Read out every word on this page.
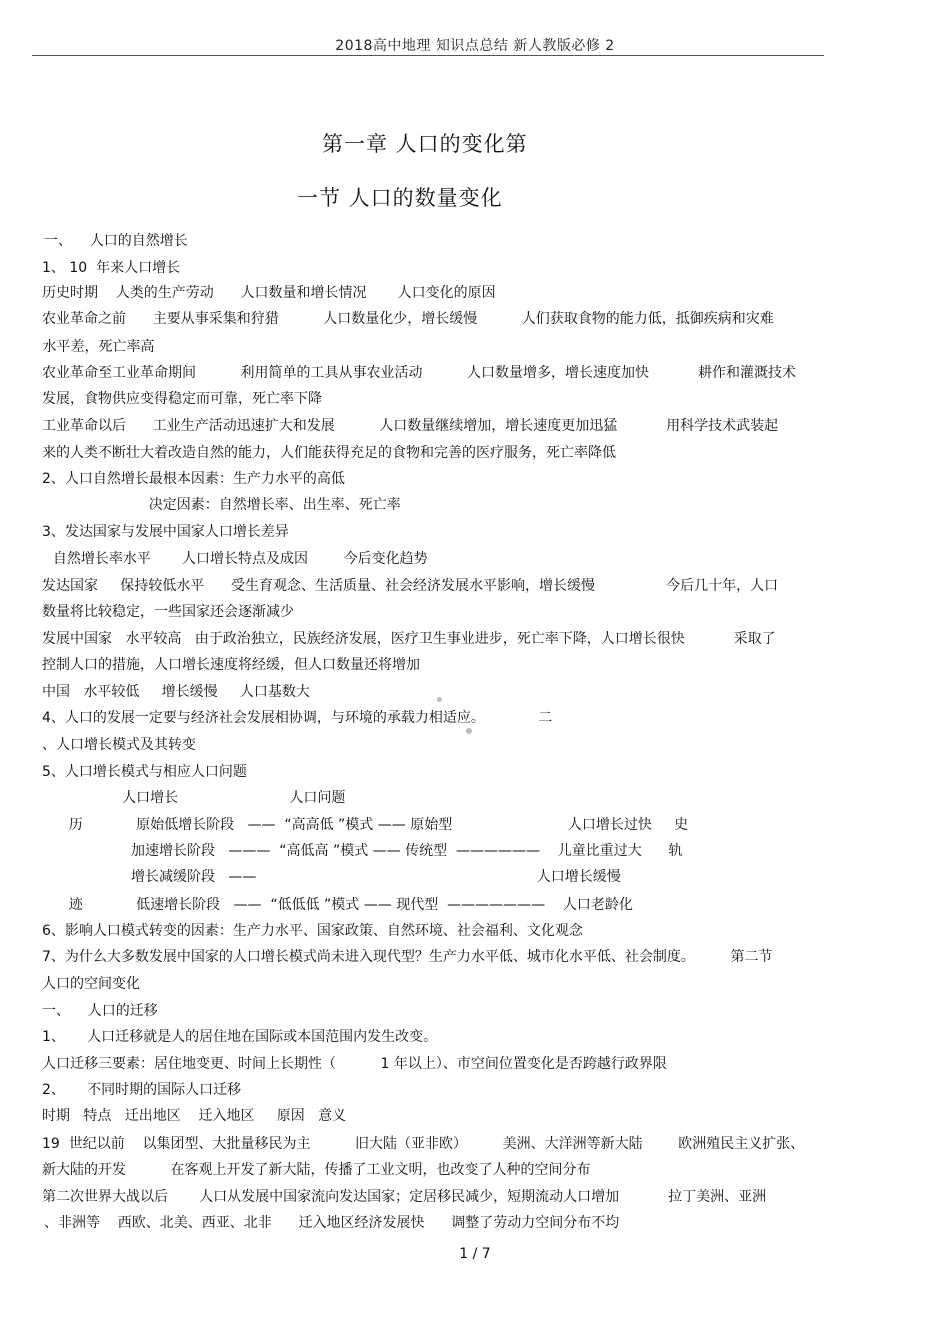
2018高中地理 知识点总结 新人教版必修 2
第一章 人口的变化第
一节 人口的数量变化
一、    人口的自然增长
1、 10  年来人口增长
历史时期    人类的生产劳动      人口数量和增长情况       人口变化的原因
农业革命之前      主要从事采集和狩猎          人口数量化少，增长缓慢          人们获取食物的能力低，抵御疾病和灾难
水平差，死亡率高
农业革命至工业革命期间          利用简单的工具从事农业活动          人口数量增多，增长速度加快           耕作和灌溉技术
发展，食物供应变得稳定而可靠，死亡率下降
工业革命以后      工业生产活动迅速扩大和发展          人口数量继续增加，增长速度更加迅猛           用科学技术武装起
来的人类不断壮大着改造自然的能力，人们能获得充足的食物和完善的医疗服务，死亡率降低
2、人口自然增长最根本因素：生产力水平的高低
决定因素：自然增长率、出生率、死亡率
3、发达国家与发展中国家人口增长差异
自然增长率水平       人口增长特点及成因        今后变化趋势
发达国家     保持较低水平      受生育观念、生活质量、社会经济发展水平影响，增长缓慢                今后几十年，人口
数量将比较稳定，一些国家还会逐渐减少
发展中国家   水平较高   由于政治独立，民族经济发展，医疗卫生事业进步，死亡率下降，人口增长很快           采取了
控制人口的措施，人口增长速度将经缓，但人口数量还将增加
中国   水平较低     增长缓慢     人口基数大
4、人口的发展一定要与经济社会发展相协调，与环境的承载力相适应。            二
、人口增长模式及其转变
5、人口增长模式与相应人口问题
人口增长                         人口问题
历            原始低增长阶段   ——  “高高低 ”模式 —— 原始型                          人口增长过快     史
加速增长阶段   ———  “高低高 ”模式 —— 传统型  ——————    儿童比重过大      轨
增长减缓阶段   ——                                                               人口增长缓慢
迹            低速增长阶段   ——  “低低低 ”模式 —— 现代型  ———————    人口老龄化
6、影响人口模式转变的因素：生产力水平、国家政策、自然环境、社会福利、文化观念
7、为什么大多数发展中国家的人口增长模式尚未进入现代型？生产力水平低、城市化水平低、社会制度。        第二节
人口的空间变化
一、    人口的迁移
1、     人口迁移就是人的居住地在国际或本国范围内发生改变。
人口迁移三要素：居住地变更、时间上长期性（          1 年以上）、市空间位置变化是否跨越行政界限
2、     不同时期的国际人口迁移
时期   特点   迁出地区    迁入地区     原因   意义
19  世纪以前    以集团型、大批量移民为主          旧大陆（亚非欧）        美洲、大洋洲等新大陆        欧洲殖民主义扩张、
新大陆的开发          在客观上开发了新大陆，传播了工业文明，也改变了人种的空间分布
第二次世界大战以后       人口从发展中国家流向发达国家；定居移民减少，短期流动人口增加           拉丁美洲、亚洲
、非洲等    西欧、北美、西亚、北非      迁入地区经济发展快      调整了劳动力空间分布不均
1 / 7
